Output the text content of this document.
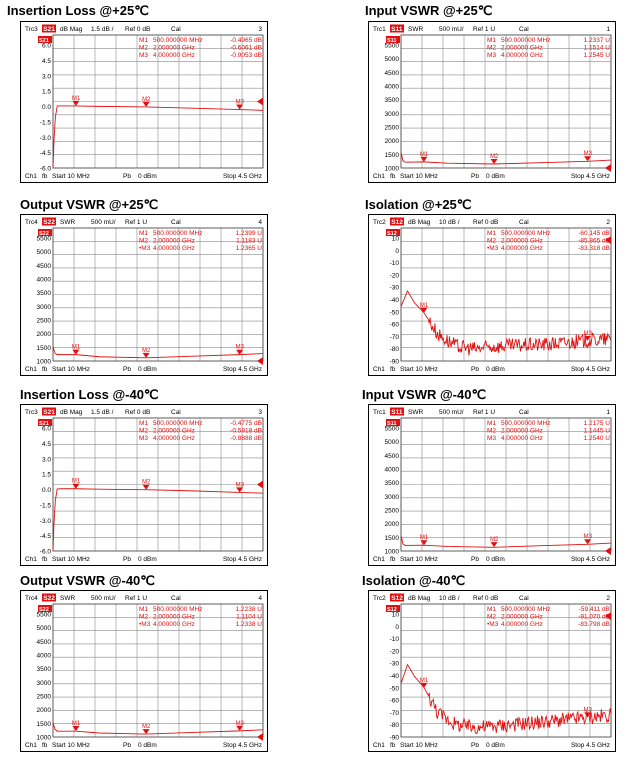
Insertion Loss @+25℃	Input VSWR @+25℃
Output VSWR @+25℃	Isolation @+25℃
Insertion Loss @-40℃	Input VSWR @-40℃
Output VSWR @-40℃	Isolation @-40℃
Trc3 S21 dB Mag 1.5 dB / Ref 0 dB	Cal	3
6.0
4.5
3.0
1.5
0.0
-1.5
-3.0
-4.5
-6.0
S21	M1 500.000000 MHz	-0.4965 dB
M2 2.000000 GHz	-0.6061 dB
M3 4.000000 GHz	-0.9053 dB
M1	M2	M3
Ch1 fb Start 10 MHz	Pb 0 dBm	Stop 4.5 GHz
Trc1 S11 SWR 500 mU/ Ref 1 U	Cal	1
5500
5000
4500
4000
3500
3000
2500
2000
1500
1000
S11	M1 500.000000 MHz	1.2337 U
M2 2.000000 GHz	1.1514 U
M3 4.000000 GHz	1.2545 U
M1	M2	M3
Ch1 fb Start 10 MHz	Pb 0 dBm	Stop 4.5 GHz
Trc4 S22 SWR 500 mU/ Ref 1 U	Cal	4
5500
5000
4500
4000
3500
3000
2500
2000
1500
1000
S22	M1 500.000000 MHz	1.2399 U
M2 2.000000 GHz	1.1183 U
•M3 4.000000 GHz	1.2365 U
M1
M2
M3
Ch1 fb Start 10 MHz	Pb 0 dBm	Stop 4.5 GHz
Trc2 S12 dB Mag 10 dB / Ref 0 dB	Cal	2
10
0
-10
-20
-30
-40
-50
-60
-70
-80
-90
S12	M1 500.000000 MHz	-60.145 dB
M2 2.000000 GHz	-85.865 dB
•M3 4.000000 GHz	-83.318 dB
M1
M3
Ch1 fb Start 10 MHz	Pb 0 dBm	Stop 4.5 GHz
Trc3 S21 dB Mag 1.5 dB / Ref 0 dB	Cal	3
6.0
4.5
3.0
1.5
0.0
-1.5
-3.0
-4.5
-6.0
S21	M1 500.000000 MHz	-0.4775 dB
M2 2.000000 GHz	-0.5918 dB
M3 4.000000 GHz	-0.8888 dB
M1	M2	M3
Ch1 fb Start 10 MHz	Pb 0 dBm	Stop 4.5 GHz
Trc1 S11 SWR 500 mU/ Ref 1 U	Cal	1
5500
5000
4500
4000
3500
3000
2500
2000
1500
1000
S11	M1 500.000000 MHz	1.2175 U
M2 2.000000 GHz	1.1445 U
M3 4.000000 GHz	1.2540 U
M1	M2	M3
Ch1 fb Start 10 MHz	Pb 0 dBm	Stop 4.5 GHz
Trc4 S22 SWR 500 mU/ Ref 1 U	Cal	4
5500
5000
4500
4000
3500
3000
2500
2000
1500
1000
S22	M1 500.000000 MHz	1.2238 U
M2 2.000000 GHz	1.1104 U
•M3 4.000000 GHz	1.2338 U
M1
M2
M3
Ch1 fb Start 10 MHz	Pb 0 dBm	Stop 4.5 GHz
Trc2 S12 dB Mag 10 dB / Ref 0 dB	Cal	2
10
0
-10
-20
-30
-40
-50
-60
-70
-80
-90
S12	M1 500.000000 MHz	-59.411 dB
M2 2.000000 GHz	-91.070 dB
•M3 4.000000 GHz	-83.798 dB
M1
M3
Ch1 fb Start 10 MHz	Pb 0 dBm	Stop 4.5 GHz
